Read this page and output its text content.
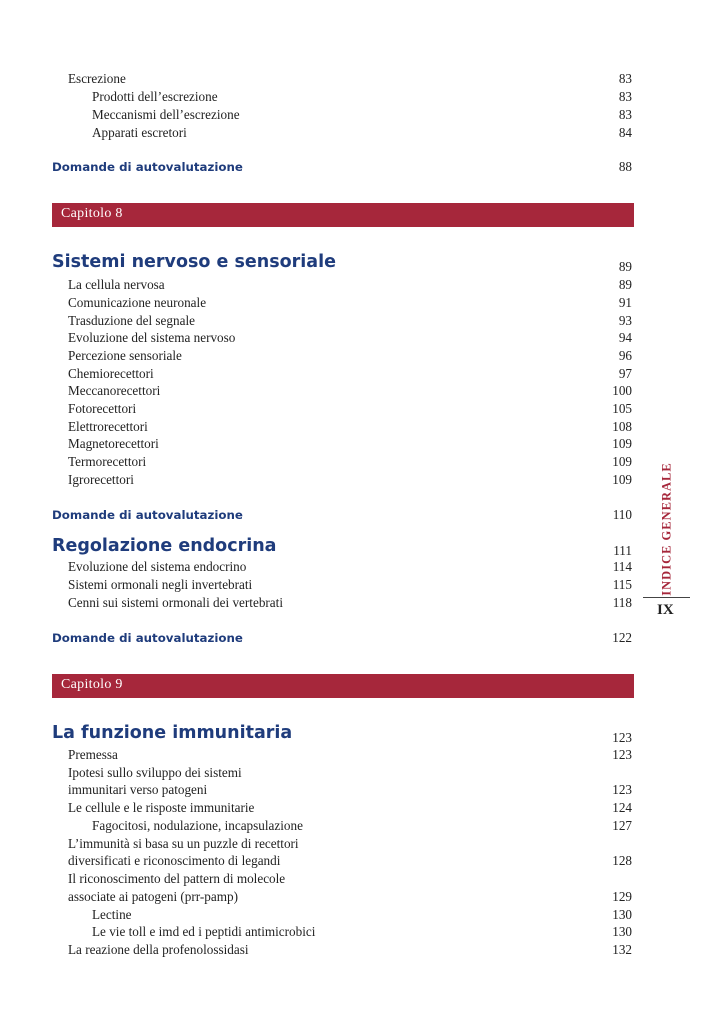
Escrezione	83
Prodotti dell’escrezione	83
Meccanismi dell’escrezione	83
Apparati escretori	84
Domande di autovalutazione	88
Capitolo 8
Sistemi nervoso e sensoriale	89
La cellula nervosa	89
Comunicazione neuronale	91
Trasduzione del segnale	93
Evoluzione del sistema nervoso	94
Percezione sensoriale	96
Chemiorecettori	97
Meccanorecettori	100
Fotorecettori	105
Elettrorecettori	108
Magnetorecettori	109
Termorecettori	109
Igrorecettori	109
Domande di autovalutazione	110
Regolazione endocrina	111
Evoluzione del sistema endocrino	114
Sistemi ormonali negli invertebrati	115
Cenni sui sistemi ormonali dei vertebrati	118
Domande di autovalutazione	122
Capitolo 9
La funzione immunitaria	123
Premessa	123
Ipotesi sullo sviluppo dei sistemi
immunitari verso patogeni	123
Le cellule e le risposte immunitarie	124
Fagocitosi, nodulazione, incapsulazione	127
L’immunità si basa su un puzzle di recettori
diversificati e riconoscimento di legandi	128
Il riconoscimento del pattern di molecole
associate ai patogeni (prr-pamp)	129
Lectine	130
Le vie toll e imd ed i peptidi antimicrobici	130
La reazione della profenolossidasi	132
INDICE GENERALE
IX
